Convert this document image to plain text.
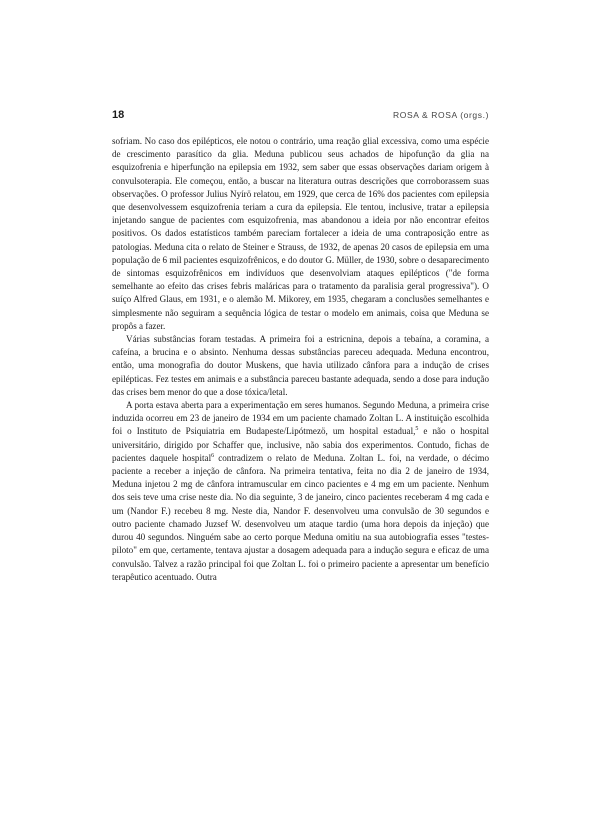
18	ROSA & ROSA (orgs.)

sofriam. No caso dos epilépticos, ele notou o contrário, uma reação glial excessiva, como uma espécie de crescimento parasítico da glia. Meduna publicou seus achados de hipofunção da glia na esquizofrenia e hiperfunção na epilepsia em 1932, sem saber que essas observações dariam origem à convulsoterapia. Ele começou, então, a buscar na literatura outras descrições que corroborassem suas observações. O professor Julius Nyírö relatou, em 1929, que cerca de 16% dos pacientes com epilepsia que desenvolvessem esquizofrenia teriam a cura da epilepsia. Ele tentou, inclusive, tratar a epilepsia injetando sangue de pacientes com esquizofrenia, mas abandonou a ideia por não encontrar efeitos positivos. Os dados estatísticos também pareciam fortalecer a ideia de uma contraposição entre as patologias. Meduna cita o relato de Steiner e Strauss, de 1932, de apenas 20 casos de epilepsia em uma população de 6 mil pacientes esquizofrênicos, e do doutor G. Müller, de 1930, sobre o desaparecimento de sintomas esquizofrênicos em indivíduos que desenvolviam ataques epilépticos ("de forma semelhante ao efeito das crises febris maláricas para o tratamento da paralisia geral progressiva"). O suíço Alfred Glaus, em 1931, e o alemão M. Mikorey, em 1935, chegaram a conclusões semelhantes e simplesmente não seguiram a sequência lógica de testar o modelo em animais, coisa que Meduna se propôs a fazer.

Várias substâncias foram testadas. A primeira foi a estricnina, depois a tebaína, a coramina, a cafeína, a brucina e o absinto. Nenhuma dessas substâncias pareceu adequada. Meduna encontrou, então, uma monografia do doutor Muskens, que havia utilizado cânfora para a indução de crises epilépticas. Fez testes em animais e a substância pareceu bastante adequada, sendo a dose para indução das crises bem menor do que a dose tóxica/letal.

A porta estava aberta para a experimentação em seres humanos. Segundo Meduna, a primeira crise induzida ocorreu em 23 de janeiro de 1934 em um paciente chamado Zoltan L. A instituição escolhida foi o Instituto de Psiquiatria em Budapeste/Lipótmezö, um hospital estadual,$^5$ e não o hospital universitário, dirigido por Schaffer que, inclusive, não sabia dos experimentos. Contudo, fichas de pacientes daquele hospital$^6$ contradizem o relato de Meduna. Zoltan L. foi, na verdade, o décimo paciente a receber a injeção de cânfora. Na primeira tentativa, feita no dia 2 de janeiro de 1934, Meduna injetou 2 mg de cânfora intramuscular em cinco pacientes e 4 mg em um paciente. Nenhum dos seis teve uma crise neste dia. No dia seguinte, 3 de janeiro, cinco pacientes receberam 4 mg cada e um (Nandor F.) recebeu 8 mg. Neste dia, Nandor F. desenvolveu uma convulsão de 30 segundos e outro paciente chamado Juzsef W. desenvolveu um ataque tardio (uma hora depois da injeção) que durou 40 segundos. Ninguém sabe ao certo porque Meduna omitiu na sua autobiografia esses "testes-piloto" em que, certamente, tentava ajustar a dosagem adequada para a indução segura e eficaz de uma convulsão. Talvez a razão principal foi que Zoltan L. foi o primeiro paciente a apresentar um benefício terapêutico acentuado. Outra
